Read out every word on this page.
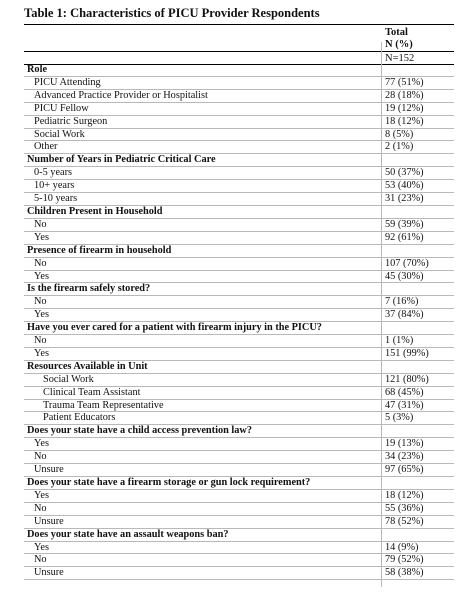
Table 1: Characteristics of PICU Provider Respondents
Total
N (%)
N=152
Role
PICU Attending	77 (51%)
Advanced Practice Provider or Hospitalist	28 (18%)
PICU Fellow	19 (12%)
Pediatric Surgeon	18 (12%)
Social Work	8 (5%)
Other	2 (1%)
Number of Years in Pediatric Critical Care
0-5 years	50 (37%)
10+ years	53 (40%)
5-10 years	31 (23%)
Children Present in Household
No	59 (39%)
Yes	92 (61%)
Presence of firearm in household
No	107 (70%)
Yes	45 (30%)
Is the firearm safely stored?
No	7 (16%)
Yes	37 (84%)
Have you ever cared for a patient with firearm injury in the PICU?
No	1 (1%)
Yes	151 (99%)
Resources Available in Unit
Social Work	121 (80%)
Clinical Team Assistant	68 (45%)
Trauma Team Representative	47 (31%)
Patient Educators	5 (3%)
Does your state have a child access prevention law?
Yes	19 (13%)
No	34 (23%)
Unsure	97 (65%)
Does your state have a firearm storage or gun lock requirement?
Yes	18 (12%)
No	55 (36%)
Unsure	78 (52%)
Does your state have an assault weapons ban?
Yes	14 (9%)
No	79 (52%)
Unsure	58 (38%)
